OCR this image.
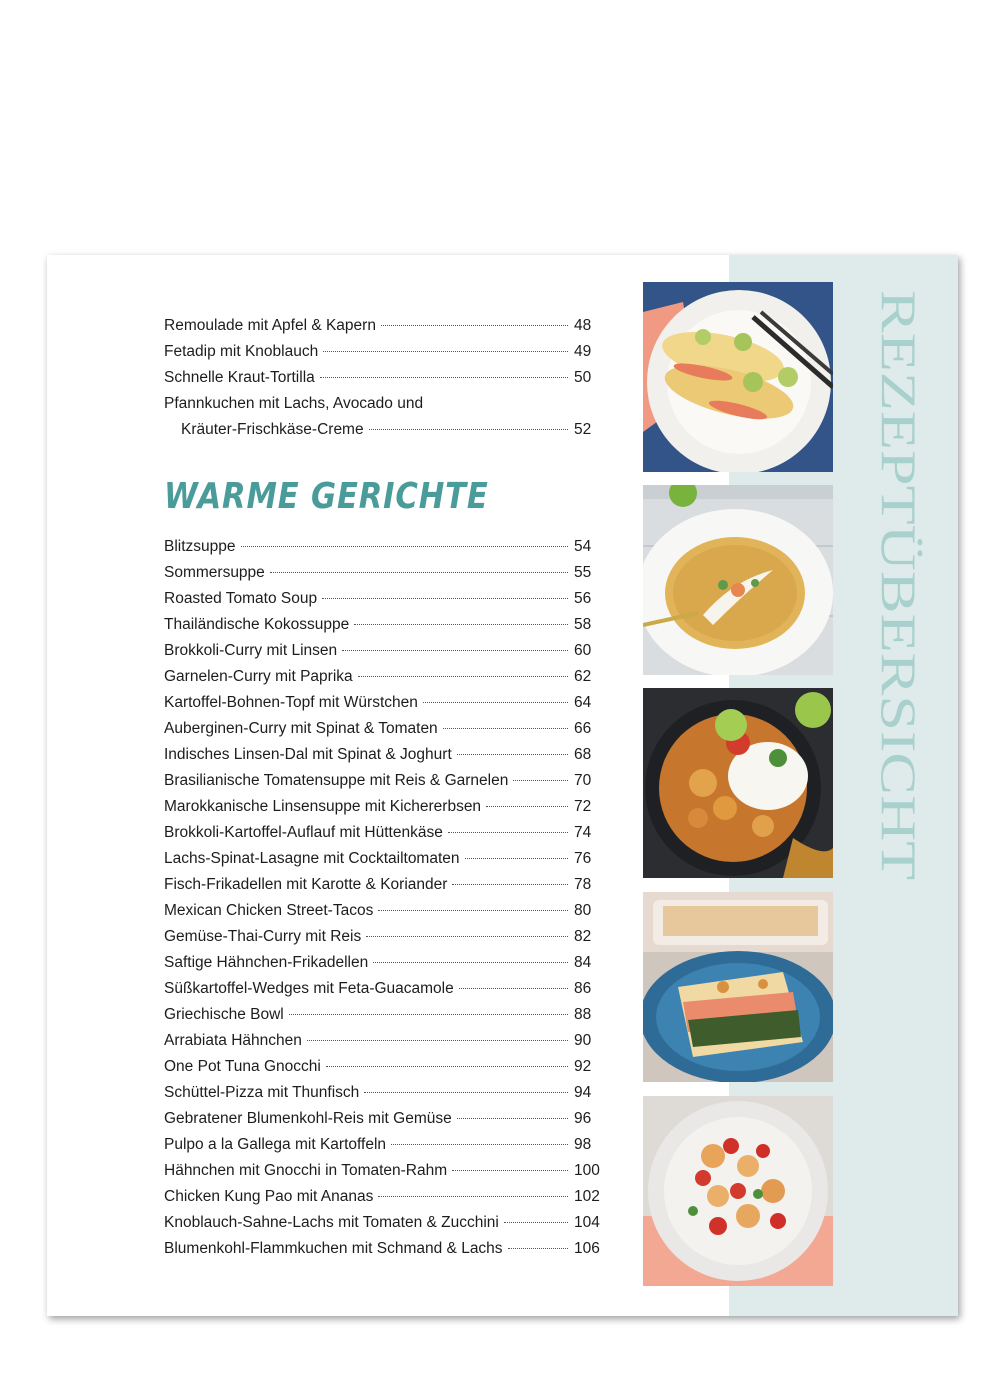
REZEPTÜBERSICHT
Remoulade mit Apfel & Kapern	48
Fetadip mit Knoblauch	49
Schnelle Kraut-Tortilla	50
Pfannkuchen mit Lachs, Avocado und
Kräuter-Frischkäse-Creme	52
WARME GERICHTE
Blitzsuppe	54
Sommersuppe	55
Roasted Tomato Soup	56
Thailändische Kokossuppe	58
Brokkoli-Curry mit Linsen	60
Garnelen-Curry mit Paprika	62
Kartoffel-Bohnen-Topf mit Würstchen	64
Auberginen-Curry mit Spinat & Tomaten	66
Indisches Linsen-Dal mit Spinat & Joghurt	68
Brasilianische Tomatensuppe mit Reis & Garnelen	70
Marokkanische Linsensuppe mit Kichererbsen	72
Brokkoli-Kartoffel-Auflauf mit Hüttenkäse	74
Lachs-Spinat-Lasagne mit Cocktailtomaten	76
Fisch-Frikadellen mit Karotte & Koriander	78
Mexican Chicken Street-Tacos	80
Gemüse-Thai-Curry mit Reis	82
Saftige Hähnchen-Frikadellen	84
Süßkartoffel-Wedges mit Feta-Guacamole	86
Griechische Bowl	88
Arrabiata Hähnchen	90
One Pot Tuna Gnocchi	92
Schüttel-Pizza mit Thunfisch	94
Gebratener Blumenkohl-Reis mit Gemüse	96
Pulpo a la Gallega mit Kartoffeln	98
Hähnchen mit Gnocchi in Tomaten-Rahm	100
Chicken Kung Pao mit Ananas	102
Knoblauch-Sahne-Lachs mit Tomaten & Zucchini	104
Blumenkohl-Flammkuchen mit Schmand & Lachs	106
